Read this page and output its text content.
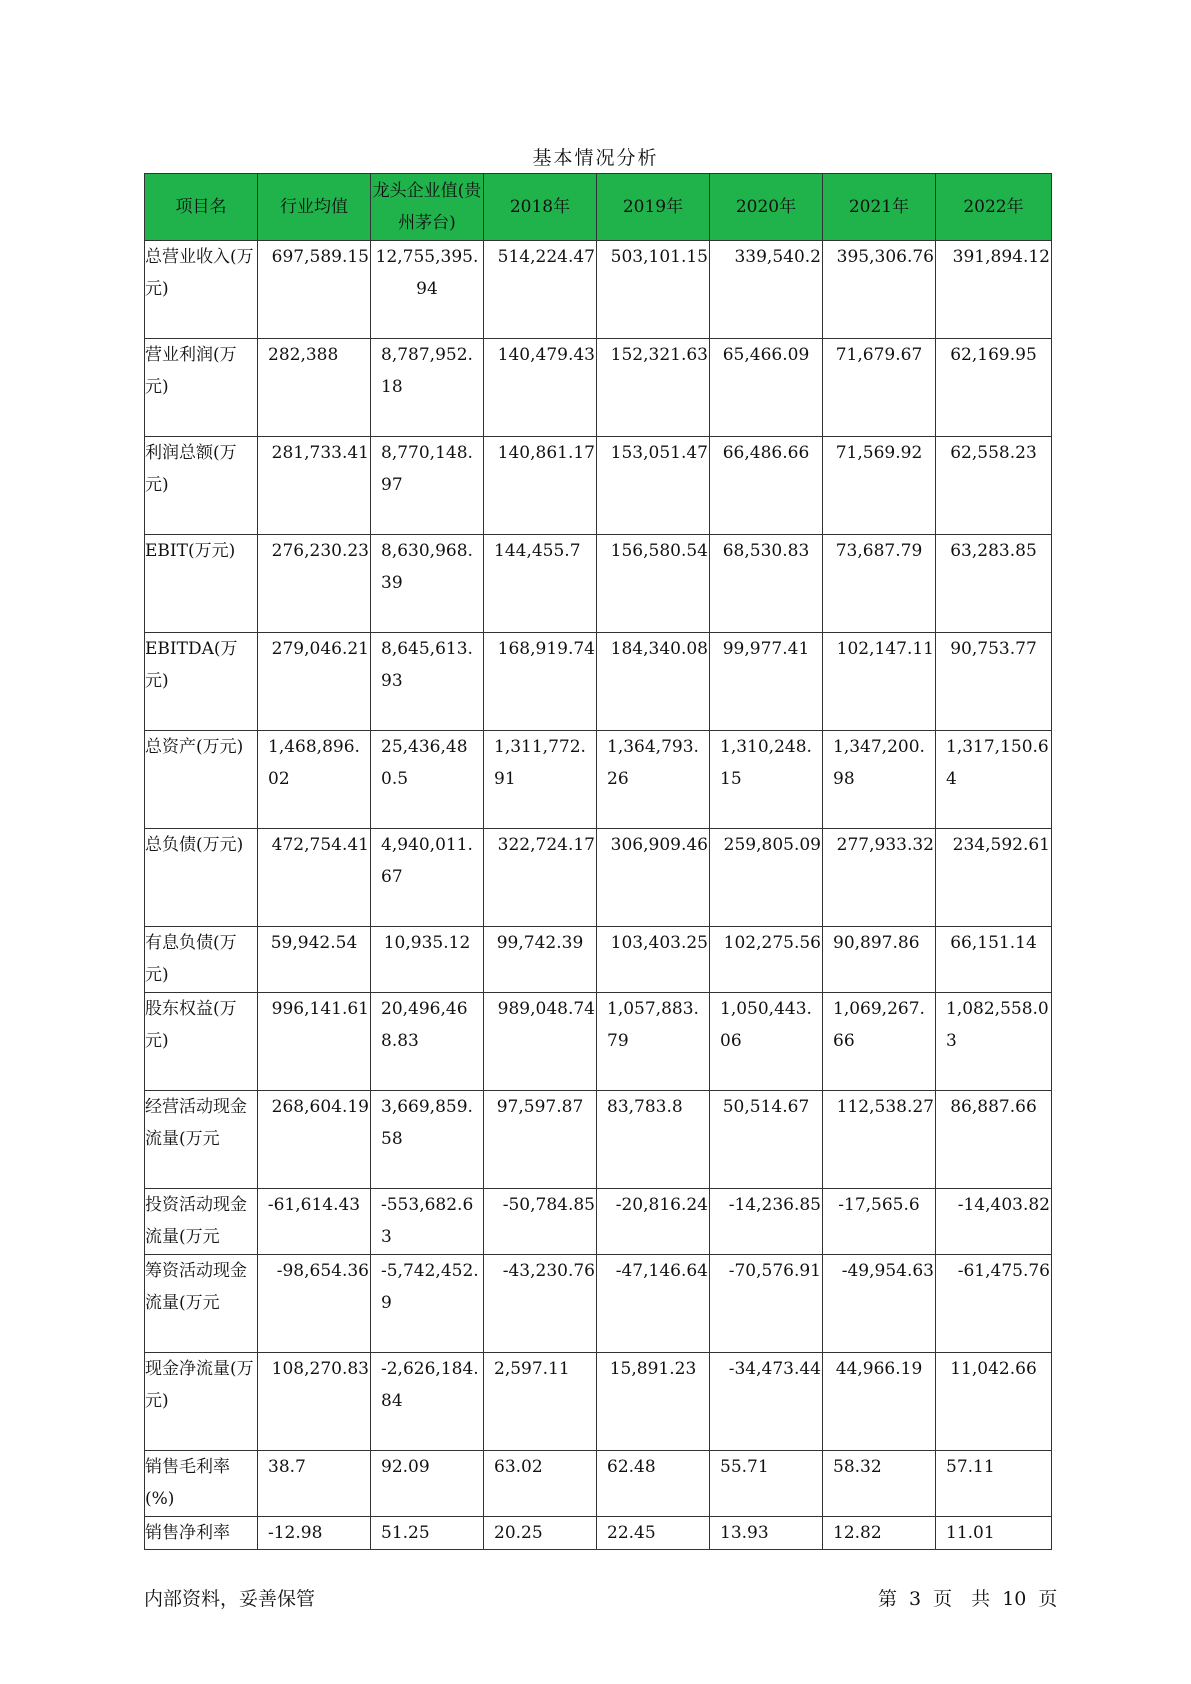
基本情况分析
项目名	行业均值	龙头企业值(贵州茅台)	2018年	2019年	2020年	2021年	2022年
总营业收入(万元)	697,589.15	12,755,395.94	514,224.47	503,101.15	339,540.2	395,306.76	391,894.12

营业利润(万元)	282,388	8,787,952.18	140,479.43	152,321.63	65,466.09	71,679.67	62,169.95

利润总额(万元)	281,733.41	8,770,148.97	140,861.17	153,051.47	66,486.66	71,569.92	62,558.23

EBIT(万元)	276,230.23	8,630,968.39	144,455.7	156,580.54	68,530.83	73,687.79	63,283.85

EBITDA(万元)	279,046.21	8,645,613.93	168,919.74	184,340.08	99,977.41	102,147.11	90,753.77

总资产(万元)	1,468,896.02	25,436,480.5	1,311,772.91	1,364,793.26	1,310,248.15	1,347,200.98	1,317,150.64

总负债(万元)	472,754.41	4,940,011.67	322,724.17	306,909.46	259,805.09	277,933.32	234,592.61

有息负债(万元)	59,942.54	10,935.12	99,742.39	103,403.25	102,275.56	90,897.86	66,151.14

股东权益(万元)	996,141.61	20,496,468.83	989,048.74	1,057,883.79	1,050,443.06	1,069,267.66	1,082,558.03

经营活动现金流量(万元	268,604.19	3,669,859.58	97,597.87	83,783.8	50,514.67	112,538.27	86,887.66

投资活动现金流量(万元	-61,614.43	-553,682.63	-50,784.85	-20,816.24	-14,236.85	-17,565.6	-14,403.82

筹资活动现金流量(万元	-98,654.36	-5,742,452.9	-43,230.76	-47,146.64	-70,576.91	-49,954.63	-61,475.76

现金净流量(万元)	108,270.83	-2,626,184.84	2,597.11	15,891.23	-34,473.44	44,966.19	11,042.66

销售毛利率(%)	38.7	92.09	63.02	62.48	55.71	58.32	57.11

销售净利率	-12.98	51.25	20.25	22.45	13.93	12.82	11.01
内部资料，妥善保管	第 3 页　共 10 页
